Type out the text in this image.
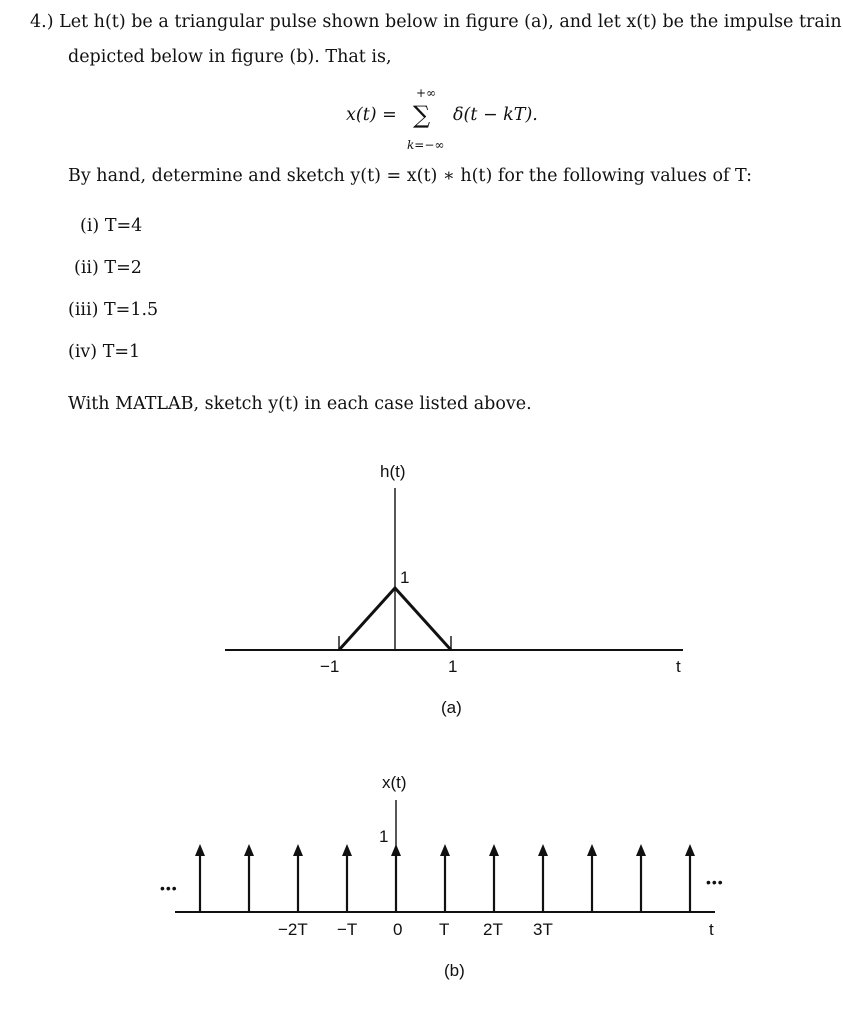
4.) Let h(t) be a triangular pulse shown below in figure (a), and let x(t) be the impulse train
depicted below in figure (b). That is,
x(t) =
+∞
∑
k=−∞
δ(t − kT).
By hand, determine and sketch y(t) = x(t) ∗ h(t) for the following values of T:
(i) T=4
(ii) T=2
(iii) T=1.5
(iv) T=1
With MATLAB, sketch y(t) in each case listed above.
h(t)
1
−1	1	t
(a)
x(t)
1
•••	•••
−2T −T 0 T 2T 3T	t
(b)
